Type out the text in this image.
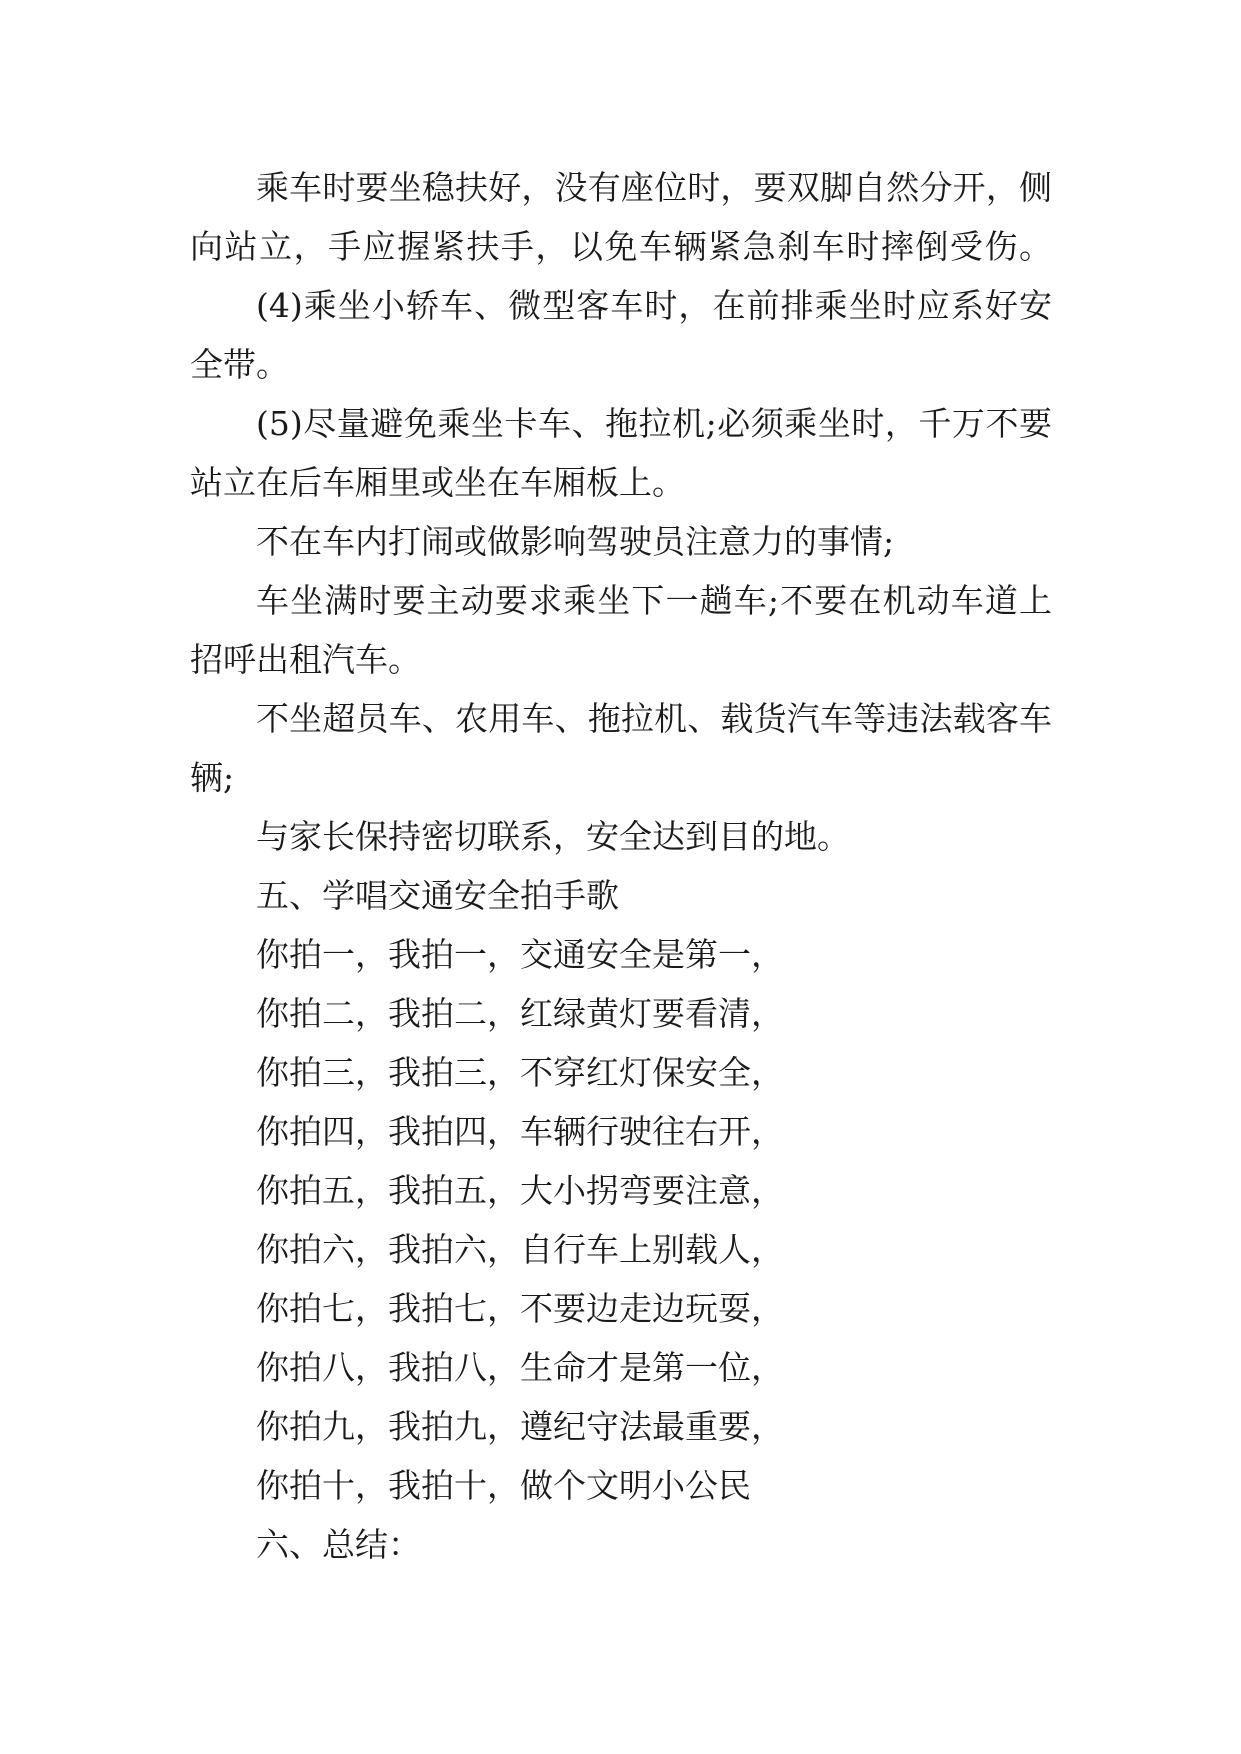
乘车时要坐稳扶好，没有座位时，要双脚自然分开，侧
向站立，手应握紧扶手，以免车辆紧急刹车时摔倒受伤。
(4)乘坐小轿车、微型客车时，在前排乘坐时应系好安
全带。
(5)尽量避免乘坐卡车、拖拉机;必须乘坐时，千万不要
站立在后车厢里或坐在车厢板上。
不在车内打闹或做影响驾驶员注意力的事情;
车坐满时要主动要求乘坐下一趟车;不要在机动车道上
招呼出租汽车。
不坐超员车、农用车、拖拉机、载货汽车等违法载客车
辆;
与家长保持密切联系，安全达到目的地。
五、学唱交通安全拍手歌
你拍一，我拍一，交通安全是第一，
你拍二，我拍二，红绿黄灯要看清，
你拍三，我拍三，不穿红灯保安全，
你拍四，我拍四，车辆行驶往右开，
你拍五，我拍五，大小拐弯要注意，
你拍六，我拍六，自行车上别载人，
你拍七，我拍七，不要边走边玩耍，
你拍八，我拍八，生命才是第一位，
你拍九，我拍九，遵纪守法最重要，
你拍十，我拍十，做个文明小公民
六、总结：
